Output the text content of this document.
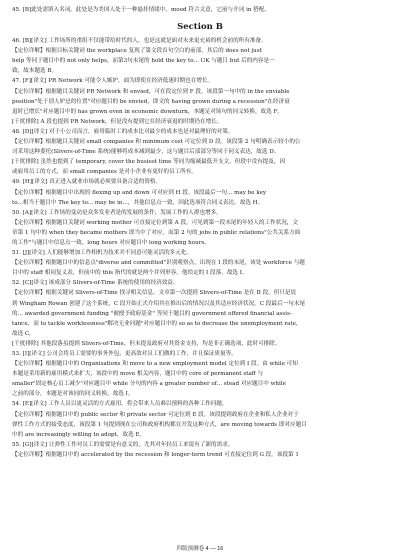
45. [B]此处需填入名词。此处是为美国人处于一种悬挂情绪中，mood 符合文意，它前与介词 in 搭配。
Section B
46. [B][译文] 工作场所的重组不仅能带给时代的人，也是这就是面对未来更充裕的机会前的所有准备。
【定位详解】根据目标关键词 the workplace 复现了第文段首句空白的前部，其后的 does not just
help 等同于题目中的 not only helps，而第3句末尾的 hold the key to... UK 与题目 but 后的内容是一
致，故本题选 B。
47. [F][译文] PR Network 可能令人嫉妒，面为即使在经济低迷时期也在增长。
【定位详解】根据题目关键词 PR Network 和 envied，可在段定位到 F 段。该段第一句中的 in the enviable
position"处于别人妒忌的位置"对应题目的 be envied，即文的 having grown during a recession"在经济衰
退时已增长"对应题目中的 has grown even in economic downturn，本题足对场句的同义转换，故选 F。
[干扰排除] A 段也提到 PR Network，但是没有提到它在经济衰退的时期仍在增长。
48. [D][译文] 对于小公司而言，雇用临时工的成本比对最少的成本也是对最理好的对策。
【定位详解】根据题目关键词 small companies 和 minimum cost 可定位到 D 段。该段第 2 句明确表示较小的公
司采用这种委托(Slivers-of-Time 系统)能够将成本减到最少，这与题目后部部分等同于同义表达，故选 D。
[干扰排除] 虽然也提到了 temporary, cover the busiest time 等同为缩减最低开支文，但段中没有提及，因
或雇用员工的方式，而 small companies 是对小企业有更好的员工所有。
49. [H][译文] 真正进入就业市场就必须要具备合适的资格。
【定位详解】根据题目中出现的 flexing up and down 可对应到 H 段。该段最后一句... may be key
to...相当于题目中 The key to... may be in...，其他信息点一致，因此选项符合同义表达，故选 H。
50. [A][译文] 工作场的变动是众多发业者是的发展的条件，发展工作的人群也增多。
【定位详解】根据题目关键词 working mother 可直接定位到第 A 段，可见到第一段末尾的年轻人的工作状况，文
章第 1 句中的 when they became mothers 即当中了对应，而第 2 句的 jobs in public relations"公共关系方面
的工作"与题目中信息点一致，long hours 对应题目中 long working hours。
51. [J][译文] 人们能够增加工作相机为技术并不同意可能灵活的多元化。
【定位详解】根据题目中的信息点"diverse and committed"识别观察点，出现在 I 段的末尾，该处 workforce 与题
目中的 staff 相同复义表，但前中的 this 指代的就是两个并列形容，他给定的 I 段落，故选 I。
52. [C][译文] 该成部分 Slivers-of-Time 系统的使用的经济效益。
【定位详解】根据关键词 Slivers-of-Time 找寻相关信息，文章第一次提到 Slivers-of-Time 是在 B 段，但只是说
到 Wingham Rowan 创建了这个系统，C 段开始正式介绍其在推出后的情况以及其适应经济状况。C 段最后一句末尾
的... awarded government funding "被授予政府基金" 等同于题目的 government offered financial assis-
tance，而 to tackle worklessness"解决无业问题"对应题目中的 so as to decrease the unemployment rate，
故选 C。
[干扰排除] 其他段落虽提到 Slivers-of-Time，但未提及政府对其资金支持，均是非正确选项，此时可排除。
53. [I][译文] 公司会将员工需要的事务外包，更高效对员工们做的工作，并且保证质量等。
【定位详解】根据题目中的 Organisations 和 move to a new employment model 定位到 I 段。由 while 可知
本题是采用新的雇用模式来扩大，该段中的 move 相关内容，题目中的 core of permanent staff 与
smaller"固定核心员工减少"对应题目中 while 分句的内容 a greater number of... stead 对应题目中 while
之前的部分，本题是对该同的同义转换，故选 I。
54. [E][译文] 工作人员以更灵活的方式雇用，将会带来人员难以预料的各种工作问题。
【定位详解】根据题目中的 public sector 和 private sector 可定位到 E 段。该段提到政府在企业和私人企业对于
弹性工作方式的接受态度，该段第 1 句提到现在公司和政府机构都在开发这种方式，are moving towards 即对应题目
中的 are increasingly willing to adopt，故选 E。
55. [G][译文] 让弹性工作对员工的需要是有意义的，尤其对年轻员工来说有了新的需求。
【定位详解】根据题目中的 accelerated by the recession 和 longer-term trend 可直接定位到 G 段。该段第 1
四版预测卷 4 — 16
